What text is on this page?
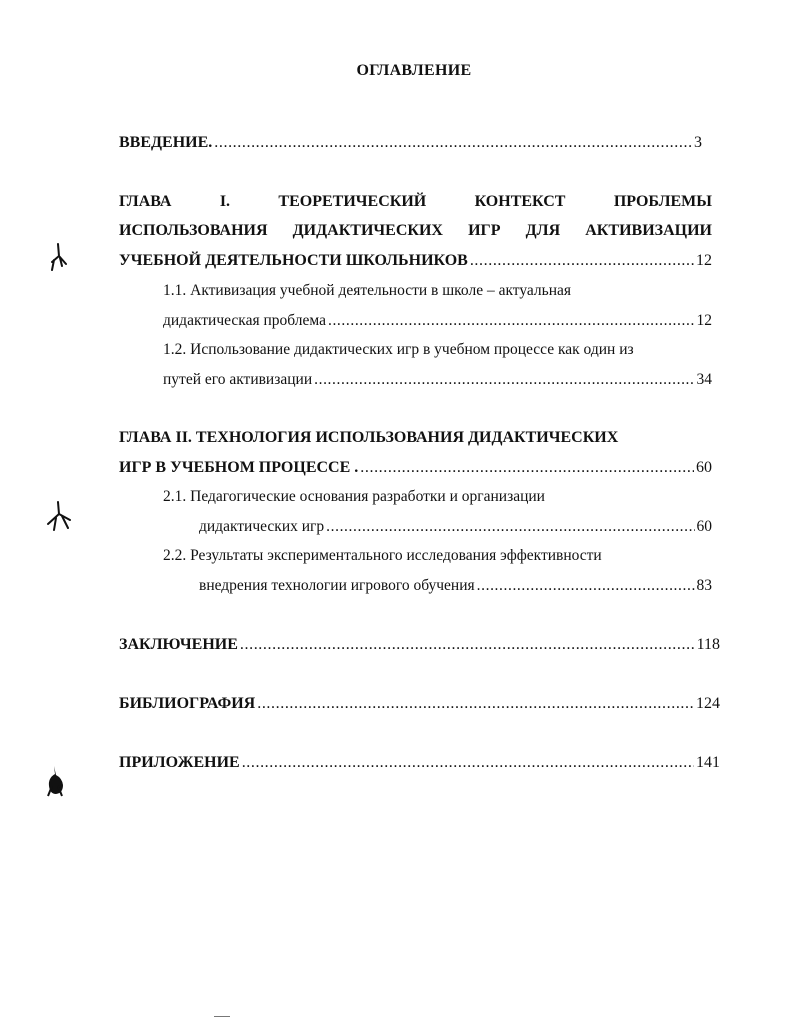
ОГЛАВЛЕНИЕ
ВВЕДЕНИЕ. .....	3
ГЛАВА	I.	ТЕОРЕТИЧЕСКИЙ	КОНТЕКСТ	ПРОБЛЕМЫ
ИСПОЛЬЗОВАНИЯ ДИДАКТИЧЕСКИХ ИГР ДЛЯ АКТИВИЗАЦИИ
УЧЕБНОЙ ДЕЯТЕЛЬНОСТИ ШКОЛЬНИКОВ .....	12
1.1. Активизация учебной деятельности в школе – актуальная
дидактическая проблема .....	12
1.2. Использование дидактических игр в учебном процессе как один из
путей его активизации .....	34
ГЛАВА II. ТЕХНОЛОГИЯ ИСПОЛЬЗОВАНИЯ ДИДАКТИЧЕСКИХ
ИГР В УЧЕБНОМ ПРОЦЕССЕ . .....	60
2.1. Педагогические основания разработки и организации
дидактических игр .....	60
2.2. Результаты экспериментального исследования эффективности
внедрения технологии игрового обучения .....	83
ЗАКЛЮЧЕНИЕ .....	118
БИБЛИОГРАФИЯ .....	124
ПРИЛОЖЕНИЕ .....	141
